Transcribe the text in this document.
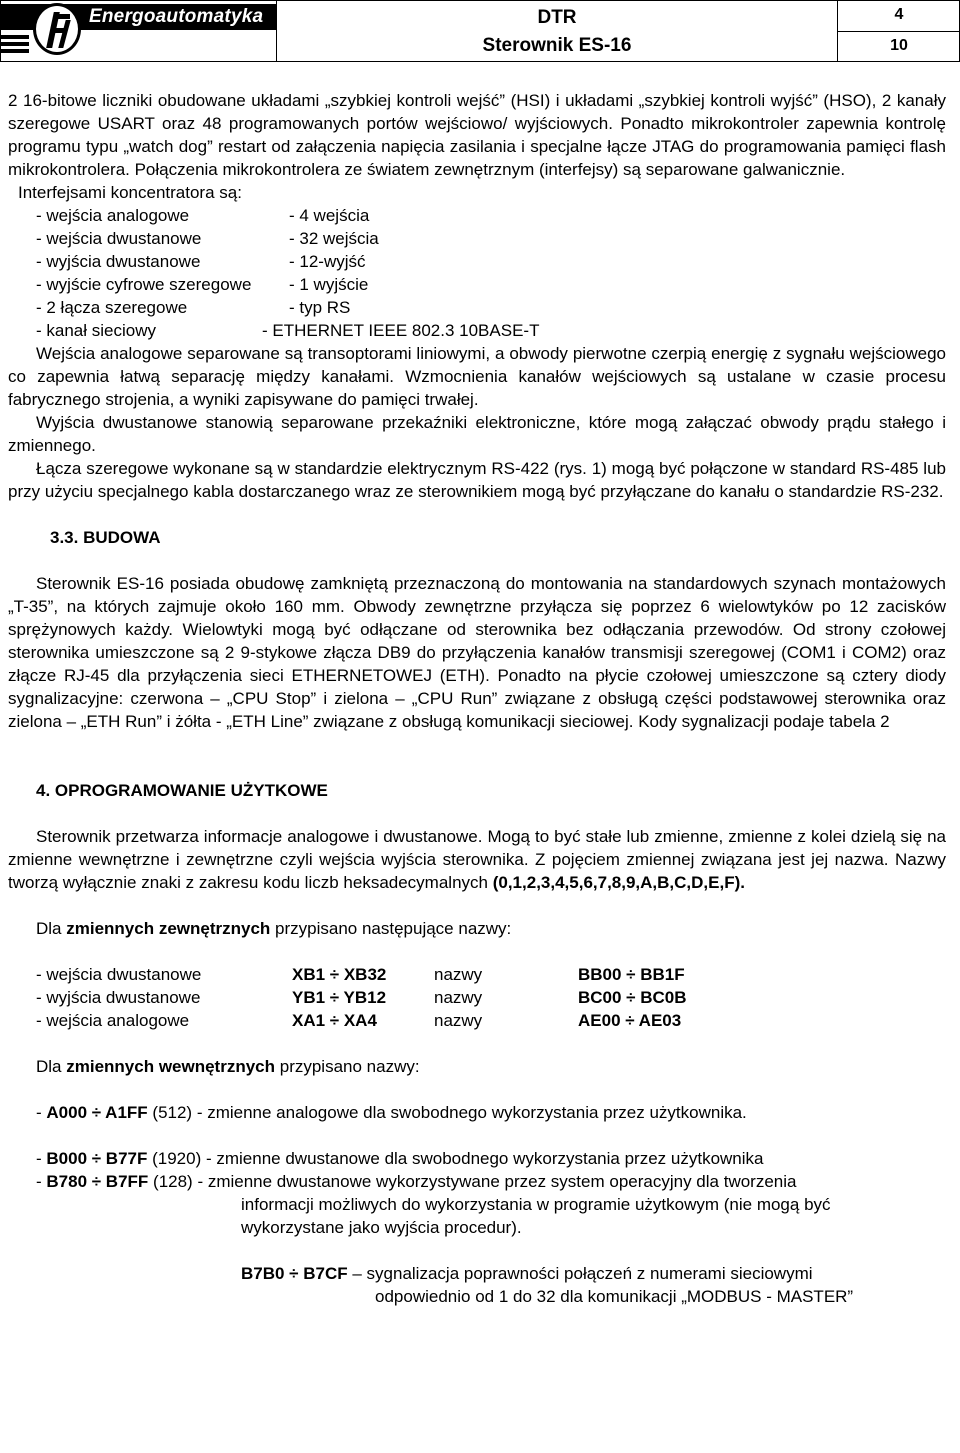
Energoautomatyka	DTR
Sterownik ES-16
4
10

2 16-bitowe liczniki obudowane układami „szybkiej kontroli wejść” (HSI) i układami „szybkiej kontroli wyjść” (HSO), 2 kanały szeregowe USART oraz 48 programowanych portów wejściowo/ wyjściowych. Ponadto mikrokontroler zapewnia kontrolę programu typu „watch dog” restart od załączenia napięcia zasilania i specjalne łącze JTAG do programowania pamięci flash mikrokontrolera. Połączenia mikrokontrolera ze światem zewnętrznym (interfejsy) są separowane galwanicznie.

Interfejsami koncentratora są:

- wejścia analogowe	- 4 wejścia
- wejścia dwustanowe	- 32 wejścia
- wyjścia dwustanowe	- 12-wyjść
- wyjście cyfrowe szeregowe - 1 wyjście
- 2 łącza szeregowe	- typ RS
- kanał sieciowy	- ETHERNET IEEE 802.3 10BASE-T

Wejścia analogowe separowane są transoptorami liniowymi, a obwody pierwotne czerpią energię z sygnału wejściowego co zapewnia łatwą separację między kanałami. Wzmocnienia kanałów wejściowych są ustalane w czasie procesu fabrycznego strojenia, a wyniki zapisywane do pamięci trwałej.

Wyjścia dwustanowe stanowią separowane przekaźniki elektroniczne, które mogą załączać obwody prądu stałego i zmiennego.

Łącza szeregowe wykonane są w standardzie elektrycznym RS-422 (rys. 1) mogą być połączone w standard RS-485 lub przy użyciu specjalnego kabla dostarczanego wraz ze sterownikiem mogą być przyłączane do kanału o standardzie RS-232.

3.3. BUDOWA

Sterownik ES-16 posiada obudowę zamkniętą przeznaczoną do montowania na standardowych szynach montażowych „T-35”, na których zajmuje około 160 mm. Obwody zewnętrzne przyłącza się poprzez 6 wielowtyków po 12 zacisków sprężynowych każdy. Wielowtyki mogą być odłączane od sterownika bez odłączania przewodów. Od strony czołowej sterownika umieszczone są 2 9-stykowe złącza DB9 do przyłączenia kanałów transmisji szeregowej (COM1 i COM2) oraz złącze RJ-45 dla przyłączenia sieci ETHERNETOWEJ (ETH). Ponadto na płycie czołowej umieszczone są cztery diody sygnalizacyjne: czerwona – „CPU Stop” i zielona – „CPU Run” związane z obsługą części podstawowej sterownika oraz zielona – „ETH Run” i żółta - „ETH Line” związane z obsługą komunikacji sieciowej. Kody sygnalizacji podaje tabela 2

4. OPROGRAMOWANIE UŻYTKOWE

Sterownik przetwarza informacje analogowe i dwustanowe. Mogą to być stałe lub zmienne, zmienne z kolei dzielą się na zmienne wewnętrzne i zewnętrzne czyli wejścia wyjścia sterownika. Z pojęciem zmiennej związana jest jej nazwa. Nazwy tworzą wyłącznie znaki z zakresu kodu liczb heksadecymalnych (0,1,2,3,4,5,6,7,8,9,A,B,C,D,E,F).

Dla zmiennych zewnętrznych przypisano następujące nazwy:

- wejścia dwustanowe	XB1 ÷ XB32	nazwy	BB00 ÷ BB1F
- wyjścia dwustanowe	YB1 ÷ YB12	nazwy	BC00 ÷ BC0B
- wejścia analogowe	XA1 ÷ XA4	nazwy	AE00 ÷ AE03

Dla zmiennych wewnętrznych przypisano nazwy:

- A000 ÷ A1FF (512) - zmienne analogowe dla swobodnego wykorzystania przez użytkownika.

- B000 ÷ B77F (1920) - zmienne dwustanowe dla swobodnego wykorzystania przez użytkownika

- B780 ÷ B7FF (128) - zmienne dwustanowe wykorzystywane przez system operacyjny dla tworzenia

informacji możliwych do wykorzystania w programie użytkowym (nie mogą być

wykorzystane jako wyjścia procedur).

B7B0 ÷ B7CF – sygnalizacja poprawności połączeń z numerami sieciowymi

odpowiednio od 1 do 32 dla komunikacji „MODBUS - MASTER”
